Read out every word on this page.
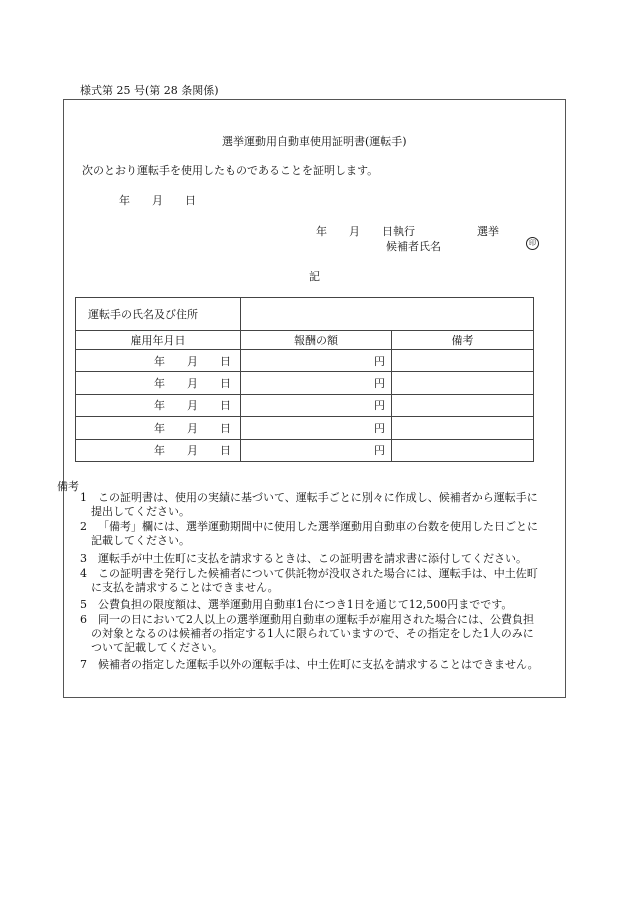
様式第 25 号(第 28 条関係)
選挙運動用自動車使用証明書(運転手)
次のとおり運転手を使用したものであることを証明します。
年 月 日
年 月 日執行	選挙
候補者氏名	印
記
運転手の氏名及び住所		
雇用年月日	報酬の額	備考
年 月 日	円	
年 月 日	円	
年 月 日	円	
年 月 日	円	
年 月 日	円	
備考
1 この証明書は、使用の実績に基づいて、運転手ごとに別々に作成し、候補者から運転手に
提出してください。
2 「備考」欄には、選挙運動期間中に使用した選挙運動用自動車の台数を使用した日ごとに
記載してください。
3 運転手が中土佐町に支払を請求するときは、この証明書を請求書に添付してください。
4 この証明書を発行した候補者について供託物が没収された場合には、運転手は、中土佐町
に支払を請求することはできません。
5 公費負担の限度額は、選挙運動用自動車1台につき1日を通じて12,500円までです。
6 同一の日において2人以上の選挙運動用自動車の運転手が雇用された場合には、公費負担
の対象となるのは候補者の指定する1人に限られていますので、その指定をした1人のみに
ついて記載してください。
7 候補者の指定した運転手以外の運転手は、中土佐町に支払を請求することはできません。
